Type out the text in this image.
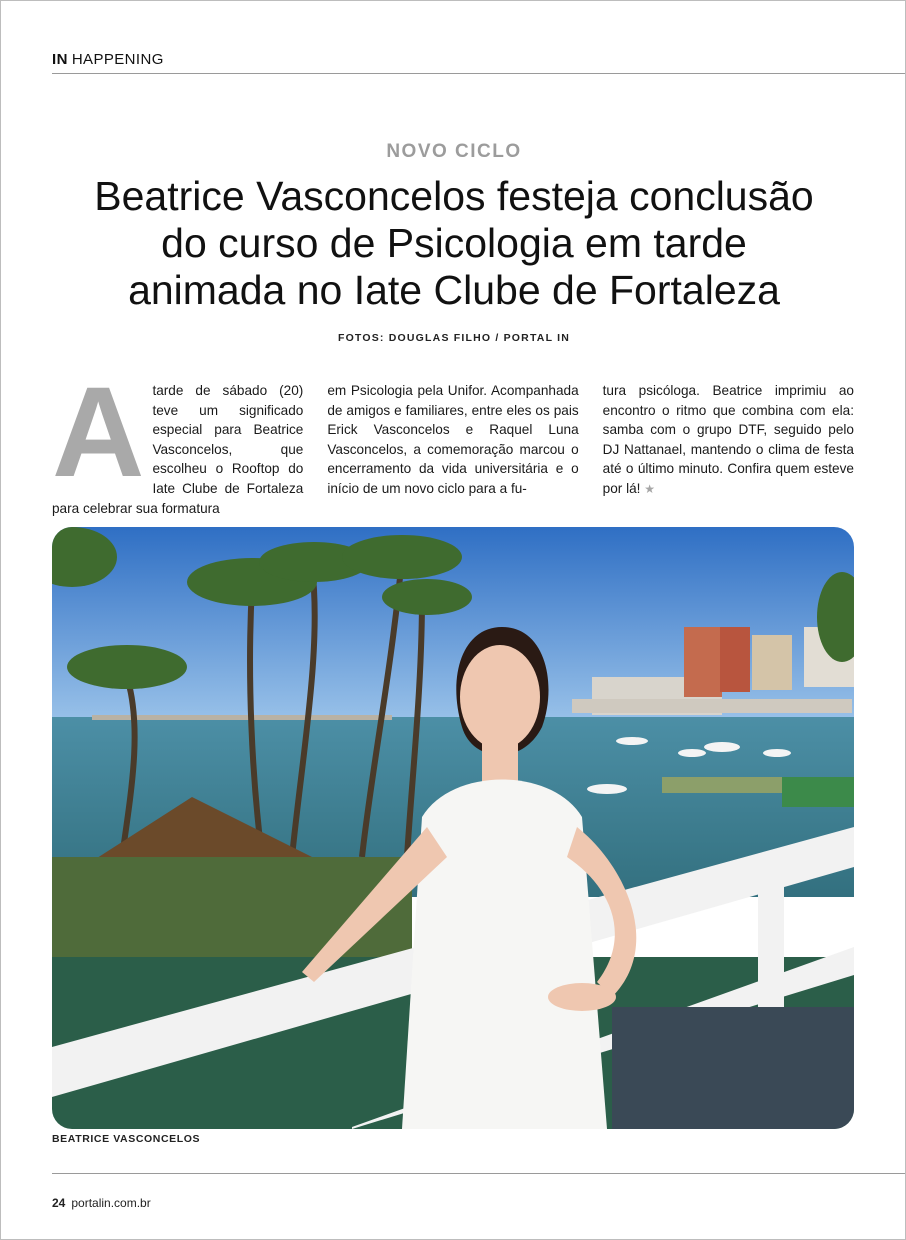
IN HAPPENING
NOVO CICLO
Beatrice Vasconcelos festeja conclusão
do curso de Psicologia em tarde
animada no Iate Clube de Fortaleza
FOTOS: DOUGLAS FILHO / PORTAL IN
Atarde de sábado (20) teve um significado especial para Beatrice Vasconcelos, que escolheu o Rooftop do Iate Clube de Fortaleza para celebrar sua formatura
em Psicologia pela Unifor. Acompanhada de amigos e familiares, entre eles os pais Erick Vasconcelos e Raquel Luna Vasconcelos, a comemoração marcou o encerramento da vida universitária e o início de um novo ciclo para a fu-
tura psicóloga. Beatrice imprimiu ao encontro o ritmo que combina com ela: samba com o grupo DTF, seguido pelo DJ Nattanael, mantendo o clima de festa até o último minuto. Confira quem esteve por lá! ★
BEATRICE VASCONCELOS
24 portalin.com.br
